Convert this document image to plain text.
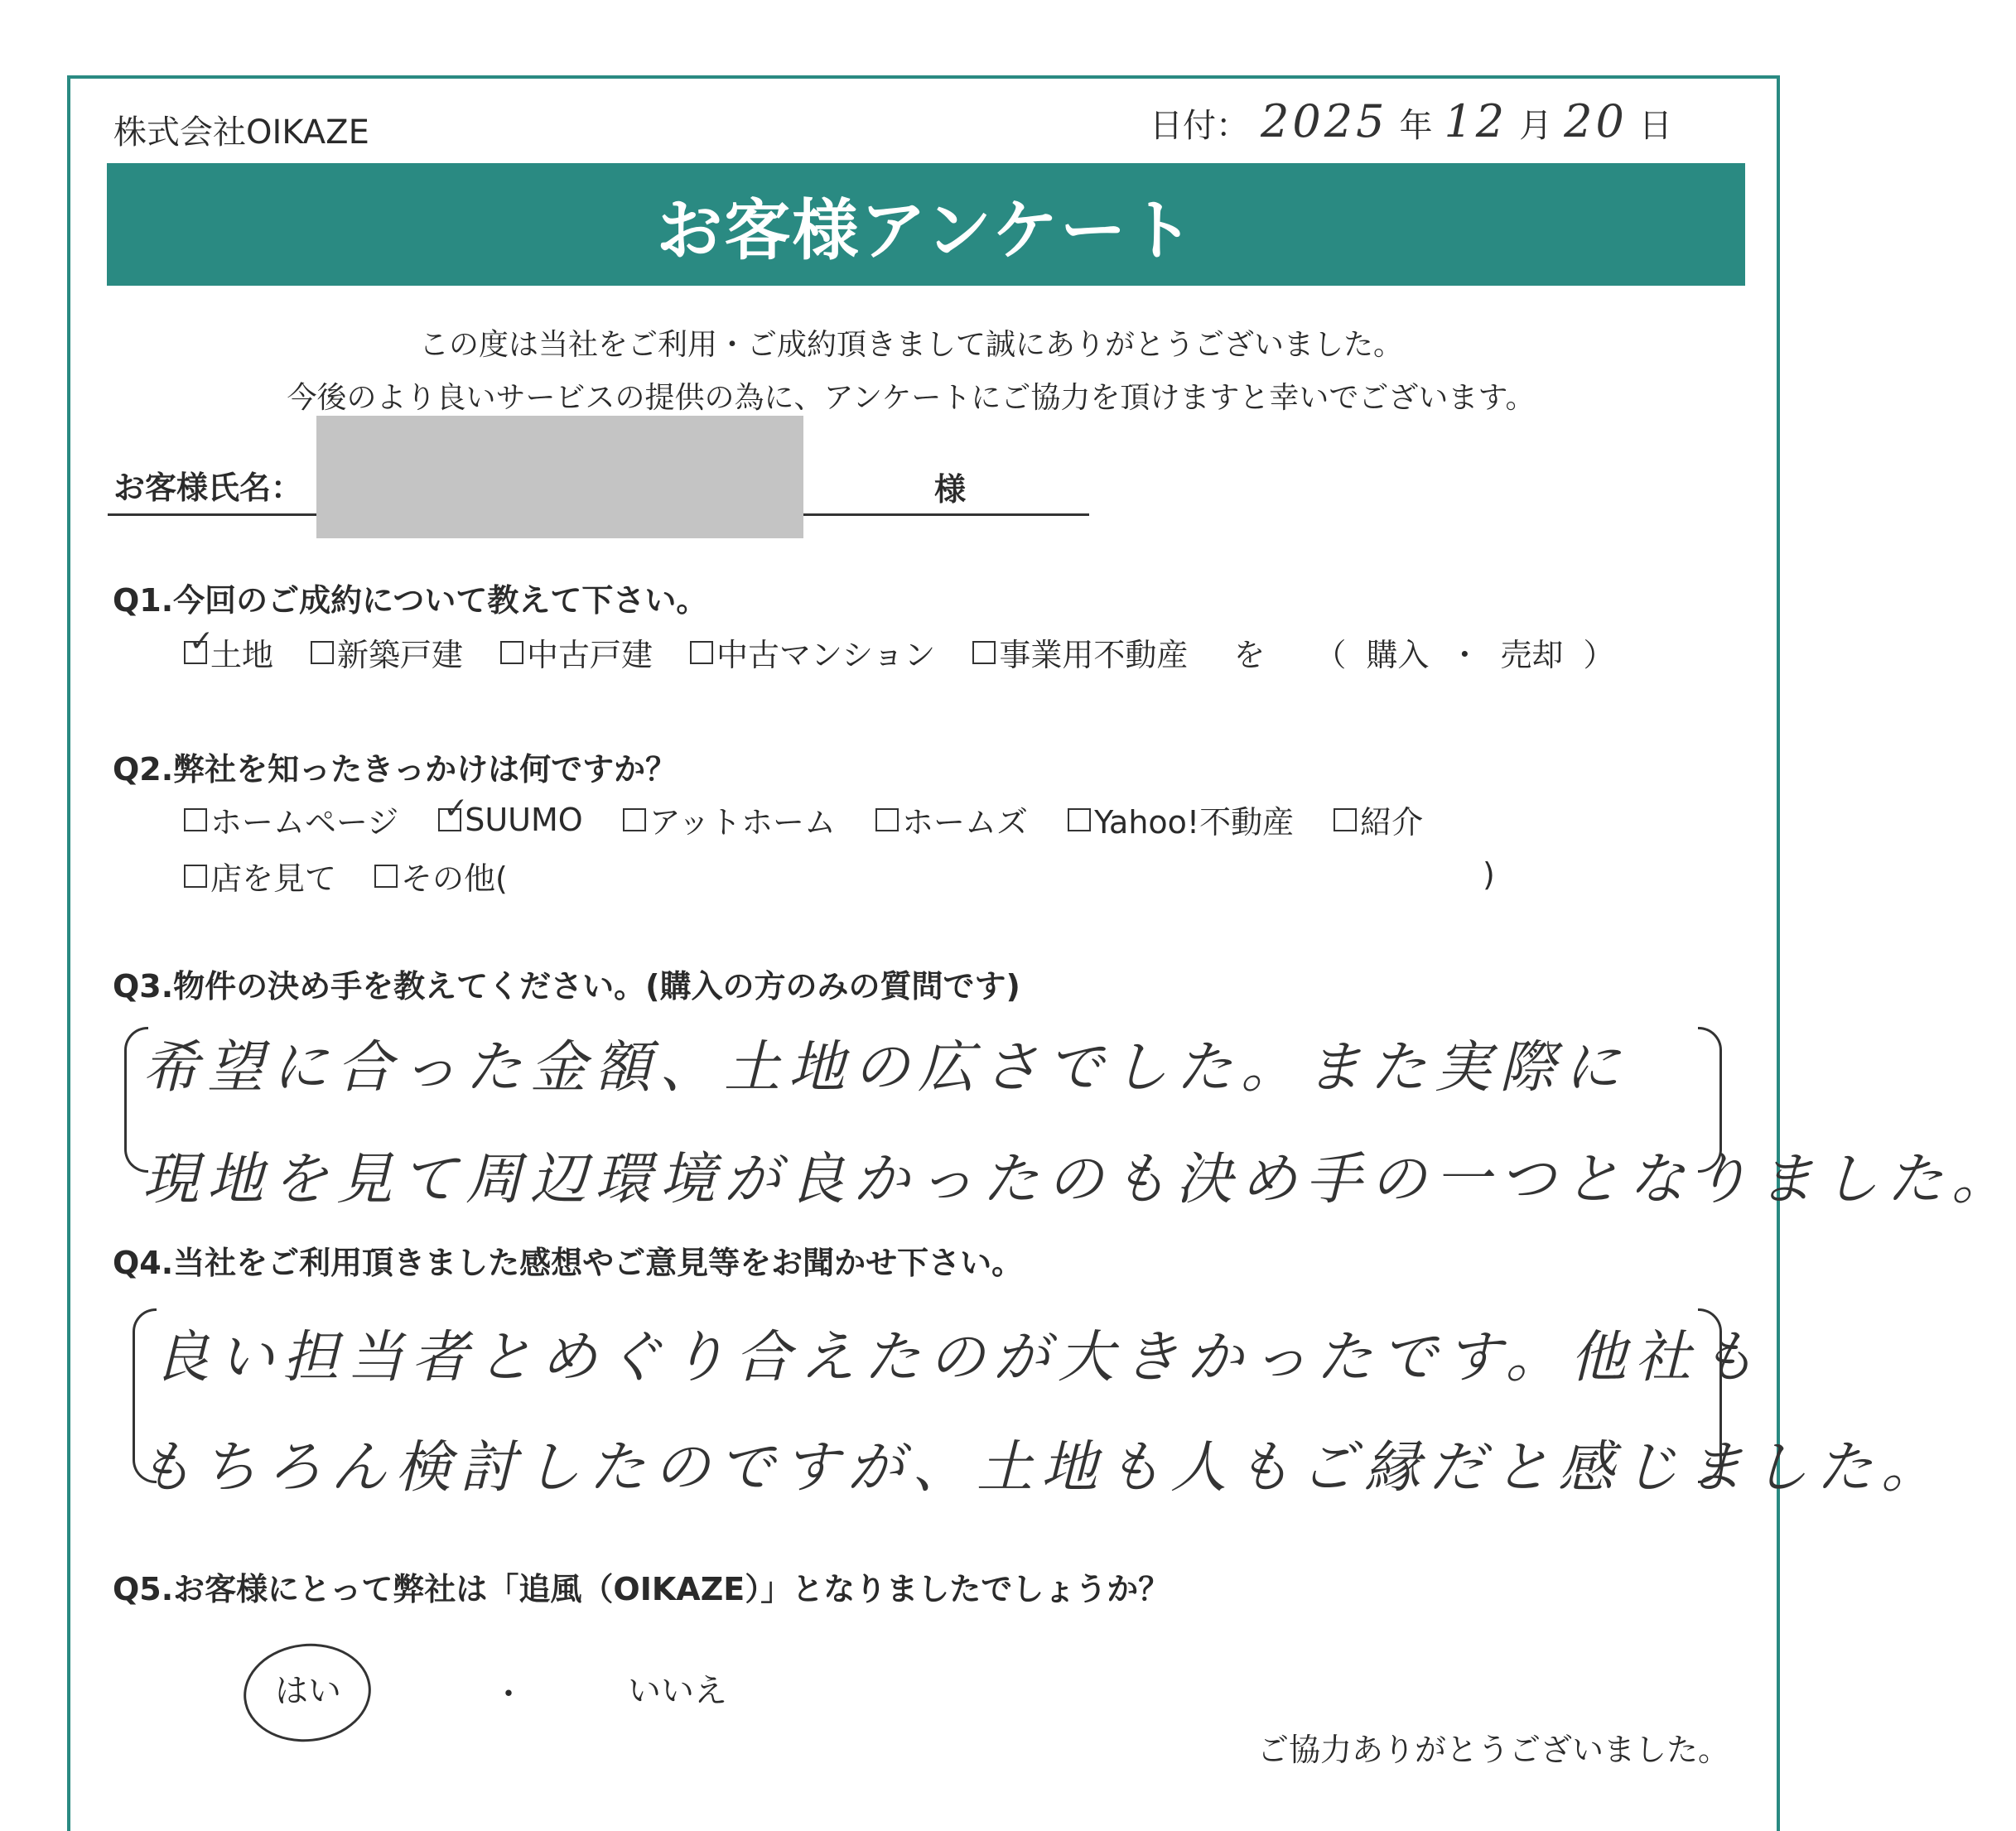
株式会社OIKAZE	日付： 2025 年 12 月 20 日
お客様アンケート
この度は当社をご利用・ご成約頂きまして誠にありがとうございました。
今後のより良いサービスの提供の為に、アンケートにご協力を頂けますと幸いでございます。
お客様氏名：	様
Q1.今回のご成約について教えて下さい。
✓
土地 新築戸建 中古戸建 中古マンション 事業用不動産 を （ 購入 ・ 売却 ）
Q2.弊社を知ったきっかけは何ですか？
ホームページ ✓
SUUMO アットホーム ホームズ Yahoo!不動産 紹介
店を見て その他(	)
Q3.物件の決め手を教えてください。(購入の方のみの質問です)
希望に合った金額、土地の広さでした。また実際に
現地を見て周辺環境が良かったのも決め手の一つとなりました。
Q4.当社をご利用頂きました感想やご意見等をお聞かせ下さい。
良い担当者とめぐり合えたのが大きかったです。他社も
もちろん検討したのですが、土地も人もご縁だと感じました。
Q5.お客様にとって弊社は「追風（OIKAZE）」となりましたでしょうか？
はい	・	いいえ
ご協力ありがとうございました。
